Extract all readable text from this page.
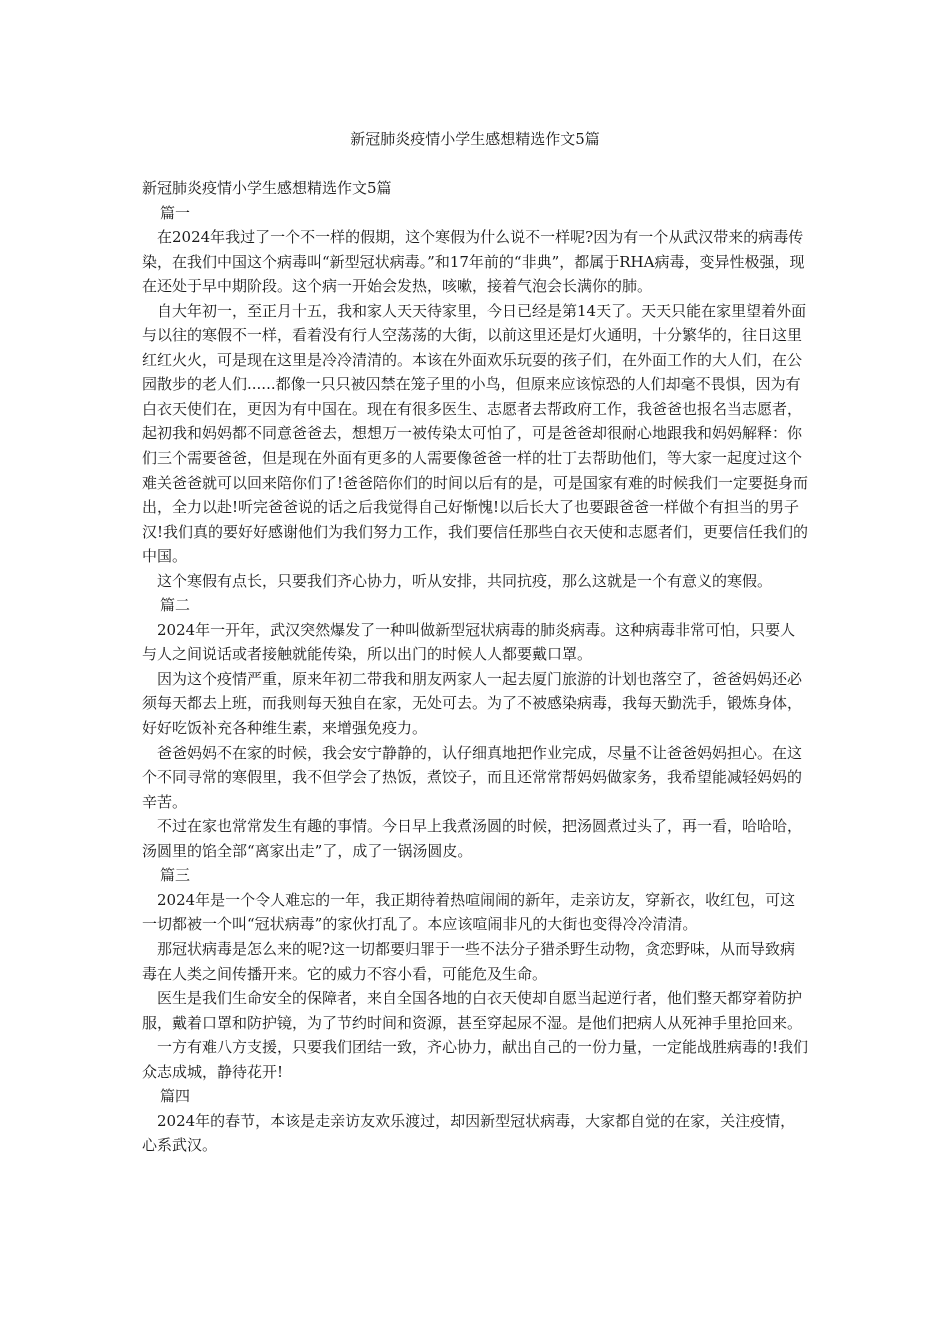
新冠肺炎疫情小学生感想精选作文5篇

新冠肺炎疫情小学生感想精选作文5篇

篇一

在2024年我过了一个不一样的假期，这个寒假为什么说不一样呢?因为有一个从武汉带来的病毒传染，在我们中国这个病毒叫“新型冠状病毒。”和17年前的“非典”，都属于RHA病毒，变异性极强，现在还处于早中期阶段。这个病一开始会发热，咳嗽，接着气泡会长满你的肺。

自大年初一，至正月十五，我和家人天天待家里，今日已经是第14天了。天天只能在家里望着外面与以往的寒假不一样，看着没有行人空荡荡的大街，以前这里还是灯火通明，十分繁华的，往日这里红红火火，可是现在这里是冷冷清清的。本该在外面欢乐玩耍的孩子们，在外面工作的大人们，在公园散步的老人们......都像一只只被囚禁在笼子里的小鸟，但原来应该惊恐的人们却毫不畏惧，因为有白衣天使们在，更因为有中国在。现在有很多医生、志愿者去帮政府工作，我爸爸也报名当志愿者，起初我和妈妈都不同意爸爸去，想想万一被传染太可怕了，可是爸爸却很耐心地跟我和妈妈解释：你们三个需要爸爸，但是现在外面有更多的人需要像爸爸一样的壮丁去帮助他们，等大家一起度过这个难关爸爸就可以回来陪你们了!爸爸陪你们的时间以后有的是，可是国家有难的时候我们一定要挺身而出，全力以赴!听完爸爸说的话之后我觉得自己好惭愧!以后长大了也要跟爸爸一样做个有担当的男子汉!我们真的要好好感谢他们为我们努力工作，我们要信任那些白衣天使和志愿者们，更要信任我们的中国。

这个寒假有点长，只要我们齐心协力，听从安排，共同抗疫，那么这就是一个有意义的寒假。

篇二

2024年一开年，武汉突然爆发了一种叫做新型冠状病毒的肺炎病毒。这种病毒非常可怕，只要人与人之间说话或者接触就能传染，所以出门的时候人人都要戴口罩。

因为这个疫情严重，原来年初二带我和朋友两家人一起去厦门旅游的计划也落空了，爸爸妈妈还必须每天都去上班，而我则每天独自在家，无处可去。为了不被感染病毒，我每天勤洗手，锻炼身体，好好吃饭补充各种维生素，来增强免疫力。

爸爸妈妈不在家的时候，我会安宁静静的，认仔细真地把作业完成，尽量不让爸爸妈妈担心。在这个不同寻常的寒假里，我不但学会了热饭，煮饺子，而且还常常帮妈妈做家务，我希望能减轻妈妈的辛苦。

不过在家也常常发生有趣的事情。今日早上我煮汤圆的时候，把汤圆煮过头了，再一看，哈哈哈，汤圆里的馅全部“离家出走”了，成了一锅汤圆皮。

篇三

2024年是一个令人难忘的一年，我正期待着热喧闹闹的新年，走亲访友，穿新衣，收红包，可这一切都被一个叫“冠状病毒”的家伙打乱了。本应该喧闹非凡的大街也变得冷冷清清。

那冠状病毒是怎么来的呢?这一切都要归罪于一些不法分子猎杀野生动物，贪恋野味，从而导致病毒在人类之间传播开来。它的威力不容小看，可能危及生命。

医生是我们生命安全的保障者，来自全国各地的白衣天使却自愿当起逆行者，他们整天都穿着防护服，戴着口罩和防护镜，为了节约时间和资源，甚至穿起尿不湿。是他们把病人从死神手里抢回来。

一方有难八方支援，只要我们团结一致，齐心协力，献出自己的一份力量，一定能战胜病毒的!我们众志成城，静待花开!

篇四

2024年的春节，本该是走亲访友欢乐渡过，却因新型冠状病毒，大家都自觉的在家，关注疫情，心系武汉。
